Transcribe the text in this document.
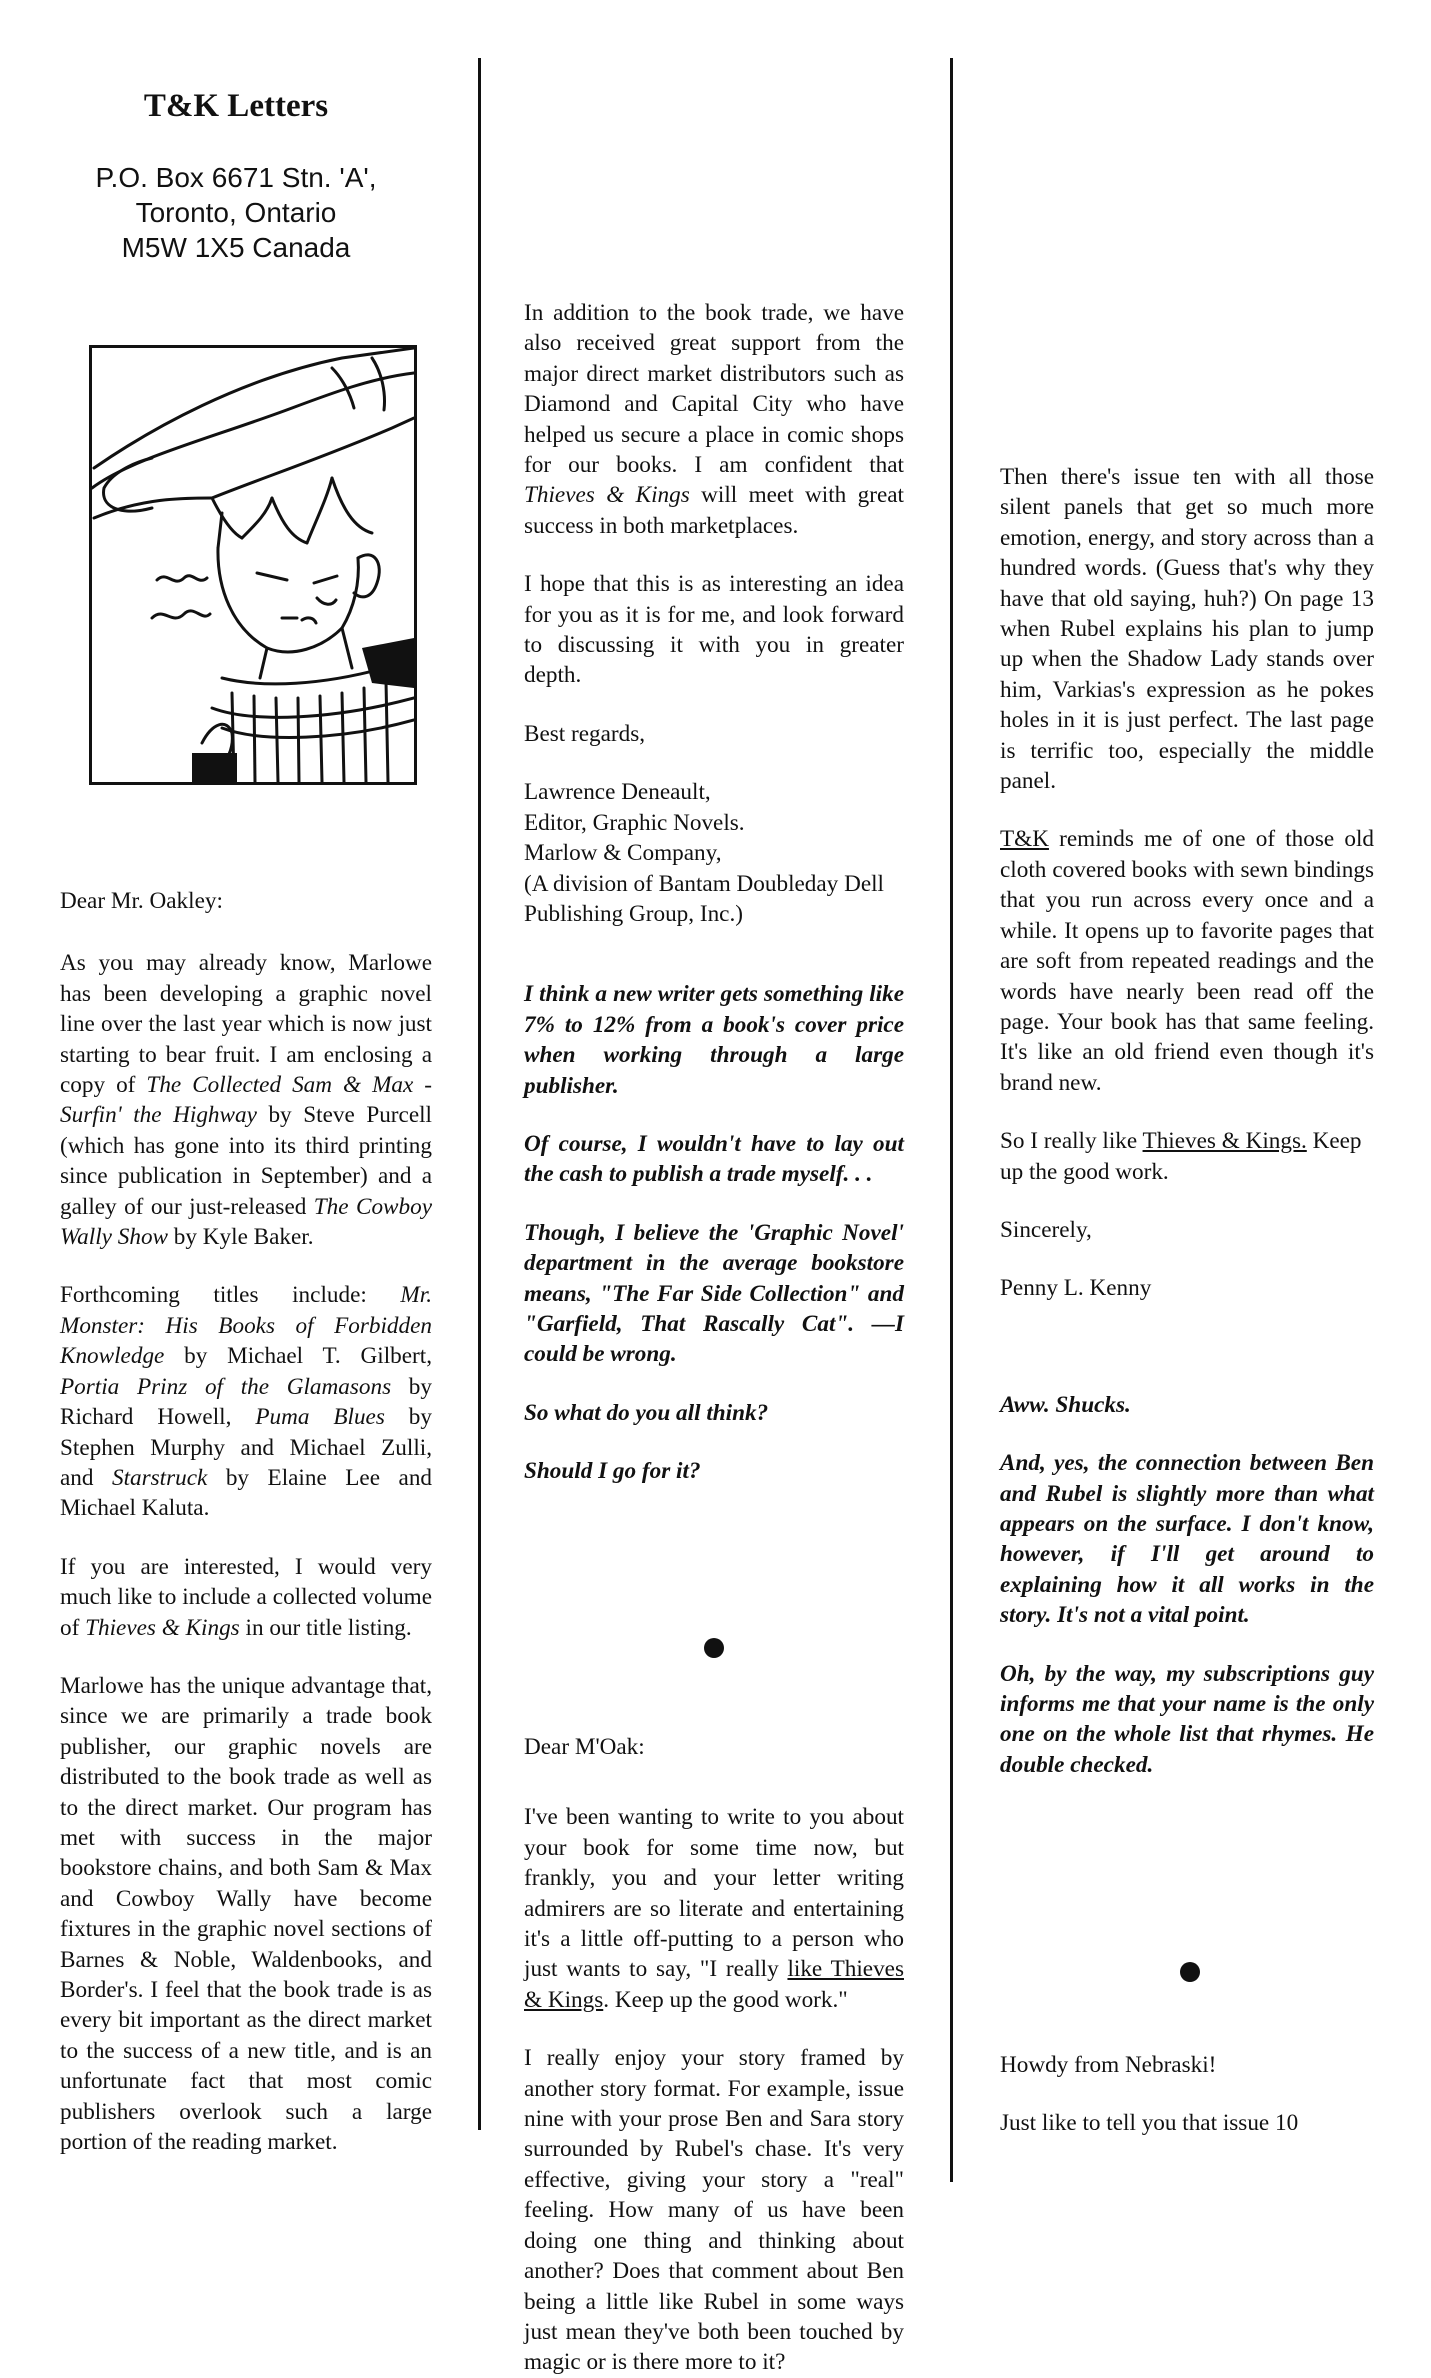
T&K Letters

P.O. Box 6671 Stn. 'A',

Toronto, Ontario

M5W 1X5 Canada

Dear Mr. Oakley:

As you may already know, Marlowe has been developing a graphic novel line over the last year which is now just starting to bear fruit. I am enclosing a copy of The Collected Sam & Max - Surfin' the Highway by Steve Purcell (which has gone into its third printing since publication in September) and a galley of our just-released The Cowboy Wally Show by Kyle Baker.

Forthcoming titles include: Mr. Monster: His Books of Forbidden Knowledge by Michael T. Gilbert, Portia Prinz of the Glamasons by Richard Howell, Puma Blues by Stephen Murphy and Michael Zulli, and Starstruck by Elaine Lee and Michael Kaluta.

If you are interested, I would very much like to include a collected volume of Thieves & Kings in our title listing.

Marlowe has the unique advantage that, since we are primarily a trade book publisher, our graphic novels are distributed to the book trade as well as to the direct market. Our program has met with success in the major bookstore chains, and both Sam & Max and Cowboy Wally have become fixtures in the graphic novel sections of Barnes & Noble, Waldenbooks, and Border's. I feel that the book trade is as every bit important as the direct market to the success of a new title, and is an unfortunate fact that most comic publishers overlook such a large portion of the reading market.

In addition to the book trade, we have also received great support from the major direct market distributors such as Diamond and Capital City who have helped us secure a place in comic shops for our books. I am confident that Thieves & Kings will meet with great success in both marketplaces.

I hope that this is as interesting an idea for you as it is for me, and look forward to discussing it with you in greater depth.

Best regards,

Lawrence Deneault,

Editor, Graphic Novels.

Marlow & Company,

(A division of Bantam Doubleday Dell Publishing Group, Inc.)

I think a new writer gets something like 7% to 12% from a book's cover price when working through a large publisher.

Of course, I wouldn't have to lay out the cash to publish a trade myself. . .

Though, I believe the 'Graphic Novel' department in the average bookstore means, "The Far Side Collection" and "Garfield, That Rascally Cat". —I could be wrong.

So what do you all think?

Should I go for it?

Dear M'Oak:

I've been wanting to write to you about your book for some time now, but frankly, you and your letter writing admirers are so literate and entertaining it's a little off-putting to a person who just wants to say, "I really like Thieves & Kings. Keep up the good work."

I really enjoy your story framed by another story format. For example, issue nine with your prose Ben and Sara story surrounded by Rubel's chase. It's very effective, giving your story a "real" feeling. How many of us have been doing one thing and thinking about another? Does that comment about Ben being a little like Rubel in some ways just mean they've both been touched by magic or is there more to it?

Then there's issue ten with all those silent panels that get so much more emotion, energy, and story across than a hundred words. (Guess that's why they have that old saying, huh?) On page 13 when Rubel explains his plan to jump up when the Shadow Lady stands over him, Varkias's expression as he pokes holes in it is just perfect. The last page is terrific too, especially the middle panel.

T&K reminds me of one of those old cloth covered books with sewn bindings that you run across every once and a while. It opens up to favorite pages that are soft from repeated readings and the words have nearly been read off the page. Your book has that same feeling. It's like an old friend even though it's brand new.

So I really like Thieves & Kings. Keep up the good work.

Sincerely,

Penny L. Kenny

Aww. Shucks.

And, yes, the connection between Ben and Rubel is slightly more than what appears on the surface. I don't know, however, if I'll get around to explaining how it all works in the story. It's not a vital point.

Oh, by the way, my subscriptions guy informs me that your name is the only one on the whole list that rhymes. He double checked.

Howdy from Nebraski!

Just like to tell you that issue 10
